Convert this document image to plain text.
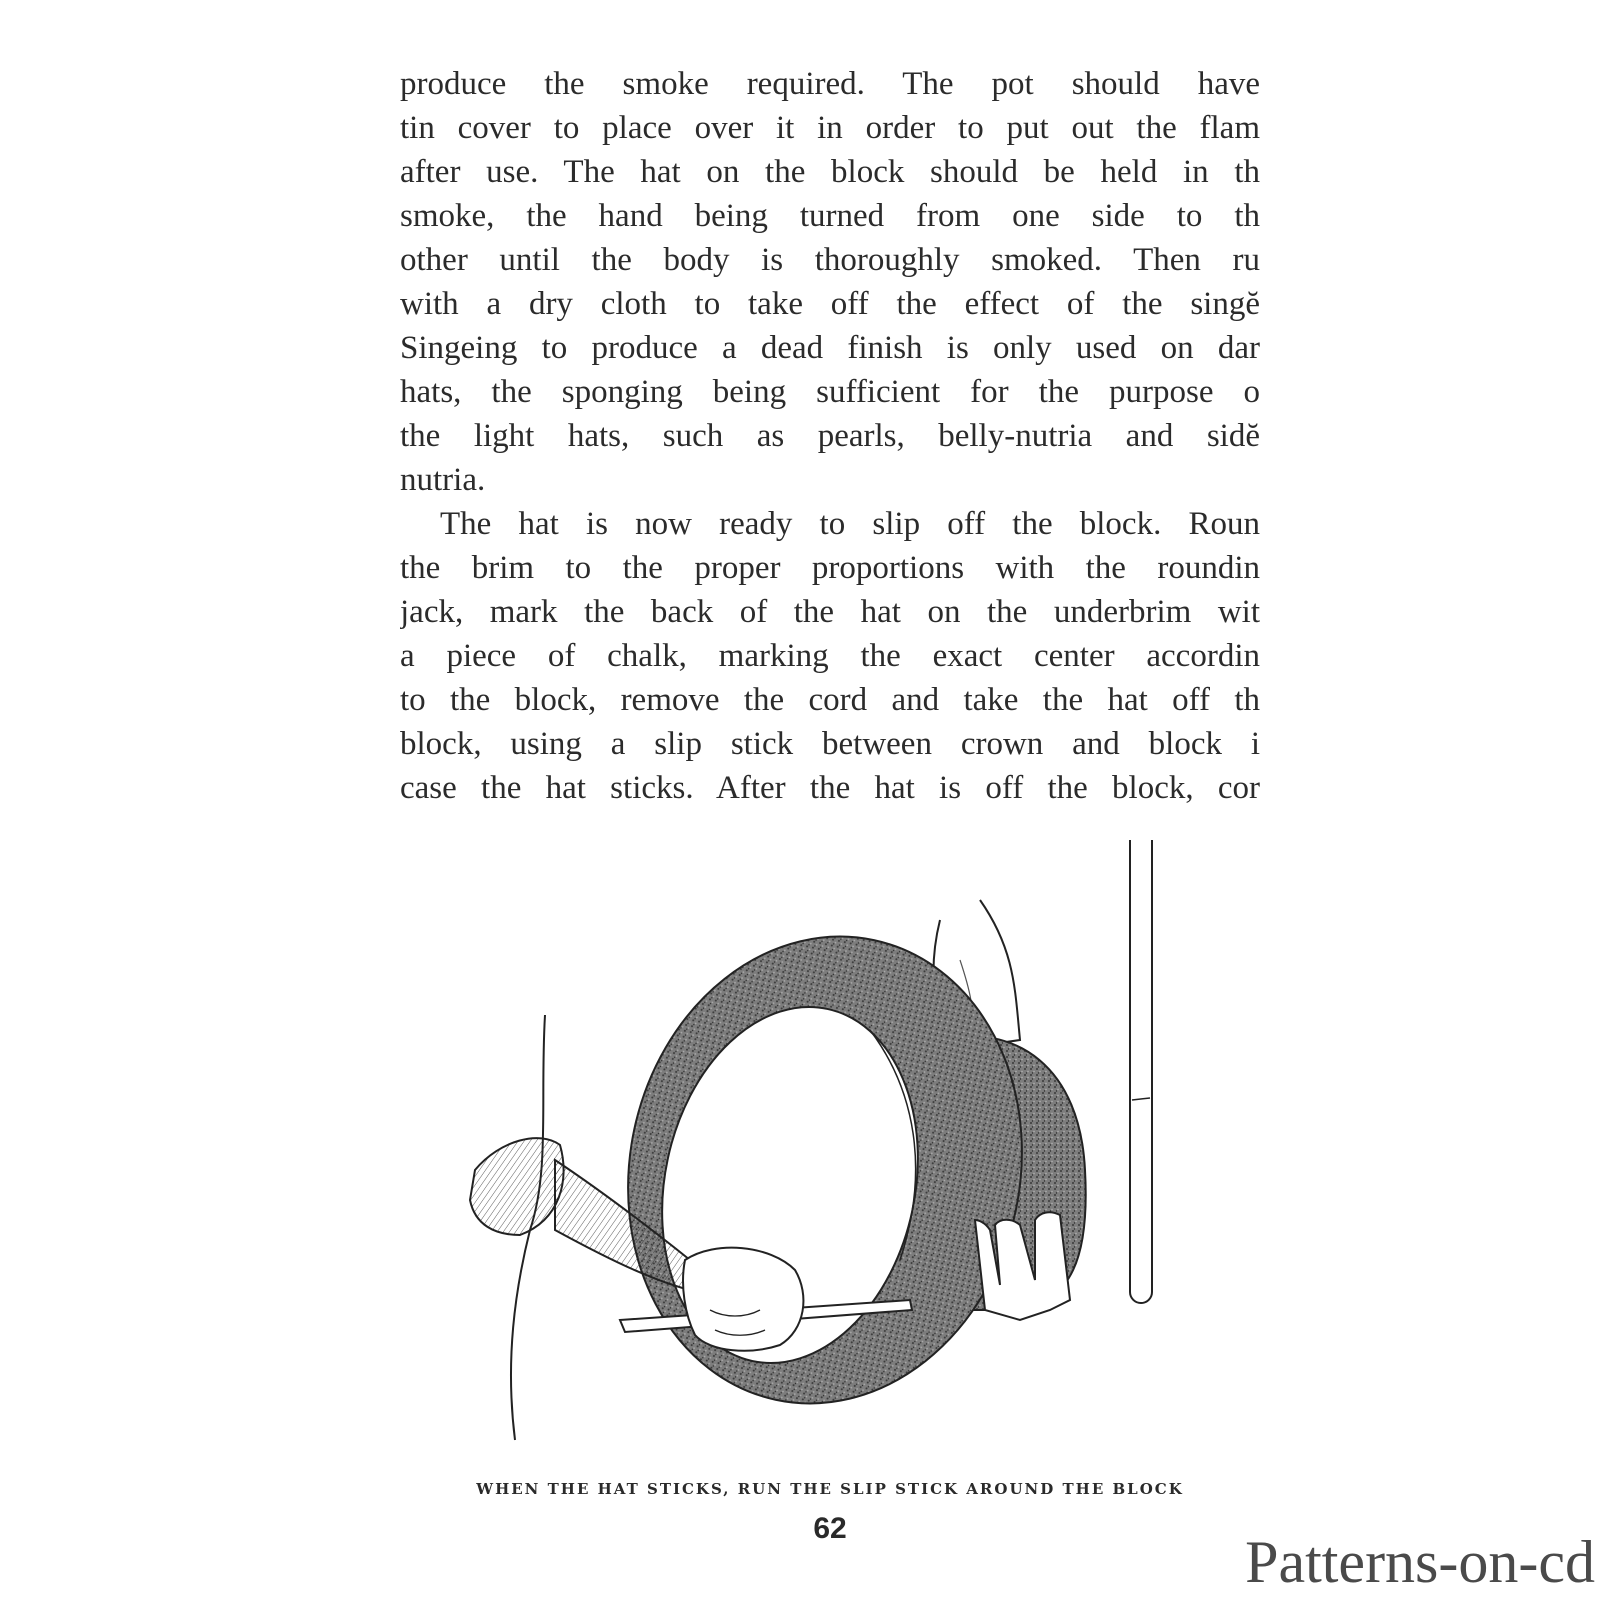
produce the smoke required. The pot should have
tin cover to place over it in order to put out the flam
after use. The hat on the block should be held in th
smoke, the hand being turned from one side to th
other until the body is thoroughly smoked. Then ru
with a dry cloth to take off the effect of the singĕ
Singeing to produce a dead finish is only used on dar
hats, the sponging being sufficient for the purpose o
the light hats, such as pearls, belly-nutria and sidĕ
nutria.
The hat is now ready to slip off the block. Roun
the brim to the proper proportions with the roundin
jack, mark the back of the hat on the underbrim wit
a piece of chalk, marking the exact center accordin
to the block, remove the cord and take the hat off th
block, using a slip stick between crown and block i
case the hat sticks. After the hat is off the block, cor
WHEN THE HAT STICKS, RUN THE SLIP STICK AROUND THE BLOCK
62
Patterns-on-cd
